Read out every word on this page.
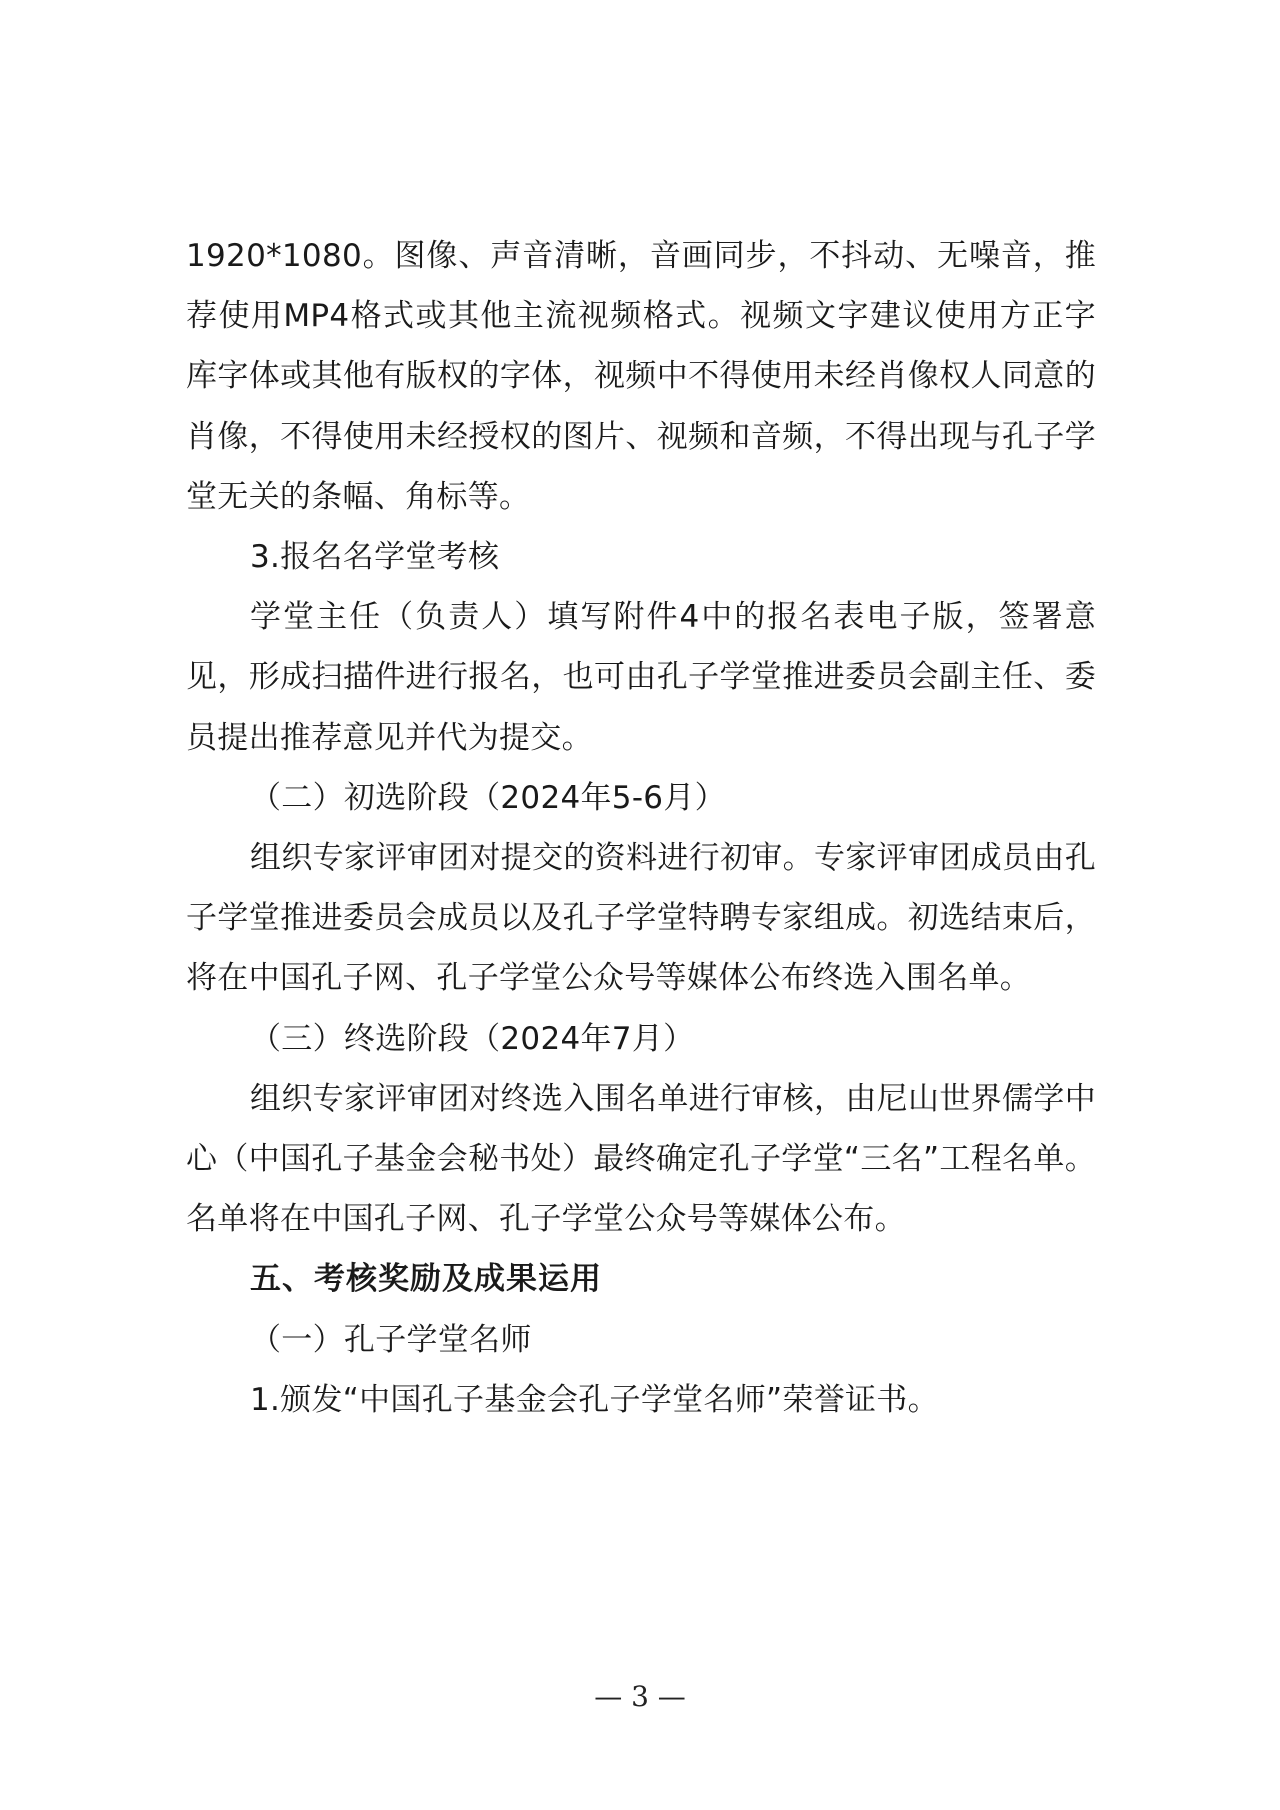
1920*1080。图像、声音清晰，音画同步，不抖动、无噪音，推荐使用MP4格式或其他主流视频格式。视频文字建议使用方正字库字体或其他有版权的字体，视频中不得使用未经肖像权人同意的肖像，不得使用未经授权的图片、视频和音频，不得出现与孔子学堂无关的条幅、角标等。

3.报名名学堂考核

学堂主任（负责人）填写附件4中的报名表电子版，签署意见，形成扫描件进行报名，也可由孔子学堂推进委员会副主任、委员提出推荐意见并代为提交。

（二）初选阶段（2024年5-6月）

组织专家评审团对提交的资料进行初审。专家评审团成员由孔子学堂推进委员会成员以及孔子学堂特聘专家组成。初选结束后，将在中国孔子网、孔子学堂公众号等媒体公布终选入围名单。

（三）终选阶段（2024年7月）

组织专家评审团对终选入围名单进行审核，由尼山世界儒学中心（中国孔子基金会秘书处）最终确定孔子学堂“三名”工程名单。名单将在中国孔子网、孔子学堂公众号等媒体公布。

五、考核奖励及成果运用

（一）孔子学堂名师

1.颁发“中国孔子基金会孔子学堂名师”荣誉证书。

— 3 —
